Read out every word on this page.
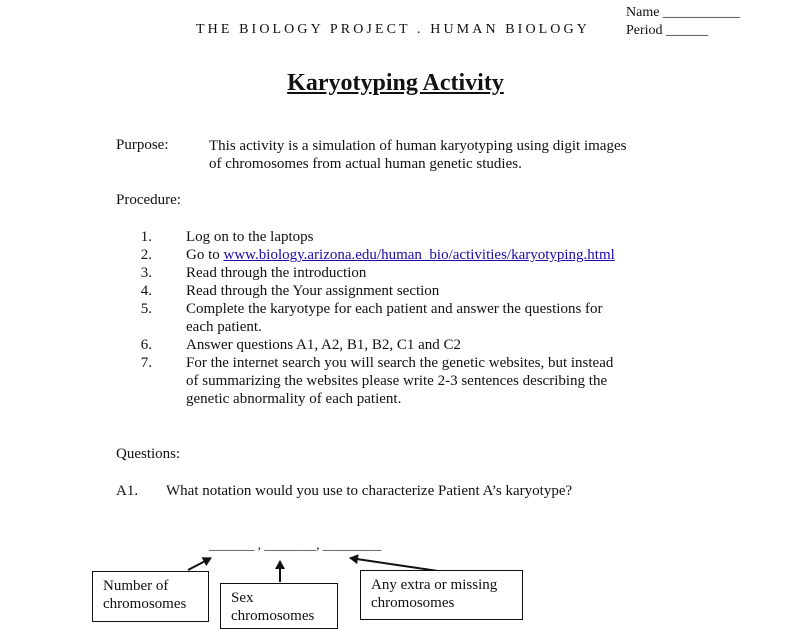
THE BIOLOGY PROJECT . HUMAN BIOLOGY
Name ___________
Period ______
Karyotyping Activity
Purpose:	This activity is a simulation of human karyotyping using digit images
of chromosomes from actual human genetic studies.
Procedure:
1. Log on to the laptops
2. Go to www.biology.arizona.edu/human_bio/activities/karyotyping.html
3. Read through the introduction
4. Read through the Your assignment section
5. Complete the karyotype for each patient and answer the questions for
each patient.
6. Answer questions A1, A2, B1, B2, C1 and C2
7. For the internet search you will search the genetic websites, but instead
of summarizing the websites please write 2-3 sentences describing the
genetic abnormality of each patient.
Questions:
A1. What notation would you use to characterize Patient A’s karyotype?
_______ , ________, _________
Number of
chromosomes	Sex
chromosomes
Any extra or missing
chromosomes
